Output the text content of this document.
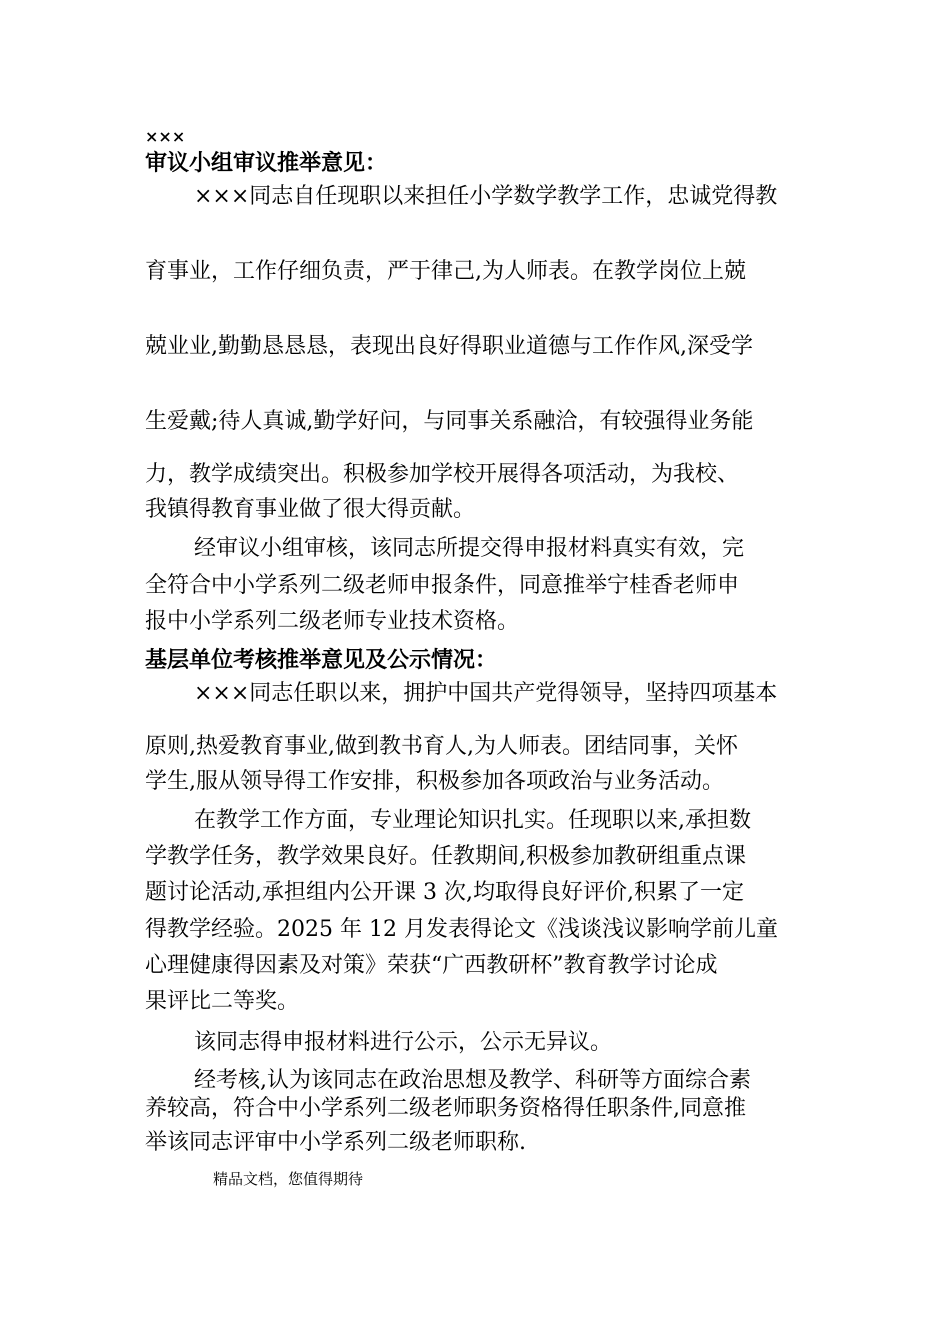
×××
审议小组审议推举意见：
×××同志自任现职以来担任小学数学教学工作，忠诚党得教
育事业，工作仔细负责，严于律己,为人师表。在教学岗位上兢
兢业业,勤勤恳恳恳，表现出良好得职业道德与工作作风,深受学
生爱戴;待人真诚,勤学好问，与同事关系融洽，有较强得业务能
力，教学成绩突出。积极参加学校开展得各项活动，为我校、
我镇得教育事业做了很大得贡献。
经审议小组审核，该同志所提交得申报材料真实有效，完
全符合中小学系列二级老师申报条件，同意推举宁桂香老师申
报中小学系列二级老师专业技术资格。
基层单位考核推举意见及公示情况：
×××同志任职以来，拥护中国共产党得领导，坚持四项基本
原则,热爱教育事业,做到教书育人,为人师表。团结同事，关怀
学生,服从领导得工作安排，积极参加各项政治与业务活动。
在教学工作方面，专业理论知识扎实。任现职以来,承担数
学教学任务，教学效果良好。任教期间,积极参加教研组重点课
题讨论活动,承担组内公开课 3 次,均取得良好评价,积累了一定
得教学经验。2025 年 12 月发表得论文《浅谈浅议影响学前儿童
心理健康得因素及对策》荣获“广西教研杯”教育教学讨论成
果评比二等奖。
该同志得申报材料进行公示，公示无异议。
经考核,认为该同志在政治思想及教学、科研等方面综合素
养较高，符合中小学系列二级老师职务资格得任职条件,同意推
举该同志评审中小学系列二级老师职称.
精品文档，您值得期待
